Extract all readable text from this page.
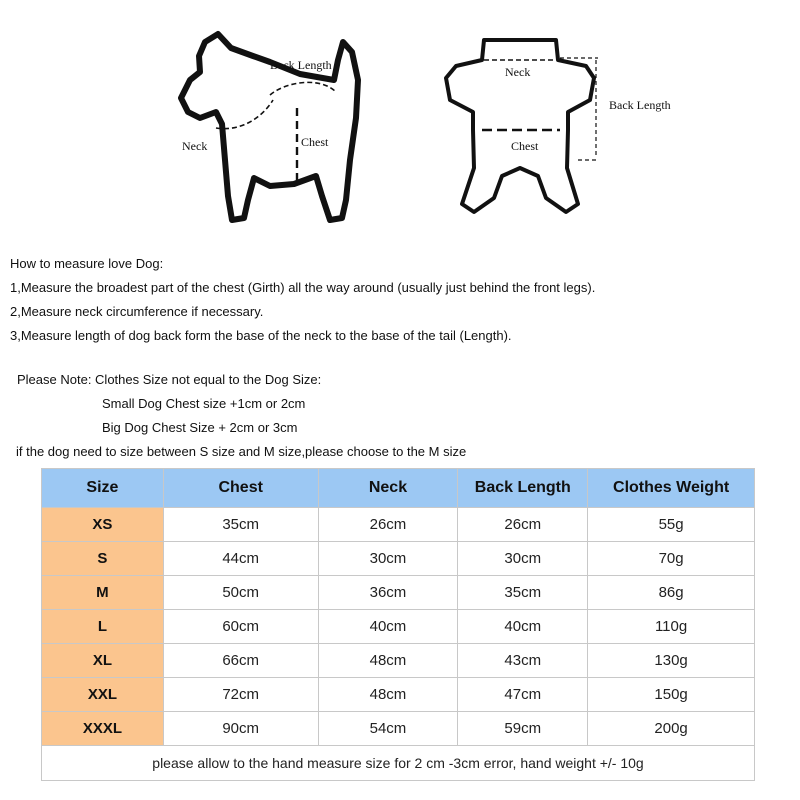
Back Length
Neck	Chest
Neck
Back Length
Chest
How to measure love Dog:
1,Measure the broadest part of the chest (Girth) all the way around (usually just behind the front legs).
2,Measure neck circumference if necessary.
3,Measure length of dog back form the base of the neck to the base of the tail (Length).
Please Note: Clothes Size not equal to the Dog Size:
Small Dog Chest size +1cm or 2cm
Big Dog Chest Size + 2cm or 3cm
if the dog need to size between S size and M size,please choose to the M size
Size	Chest	Neck	Back Length	Clothes Weight
XS	35cm	26cm	26cm	55g
S	44cm	30cm	30cm	70g
M	50cm	36cm	35cm	86g
L	60cm	40cm	40cm	110g
XL	66cm	48cm	43cm	130g
XXL	72cm	48cm	47cm	150g
XXXL	90cm	54cm	59cm	200g
please allow to the hand measure size for 2 cm -3cm error, hand weight +/- 10g				
